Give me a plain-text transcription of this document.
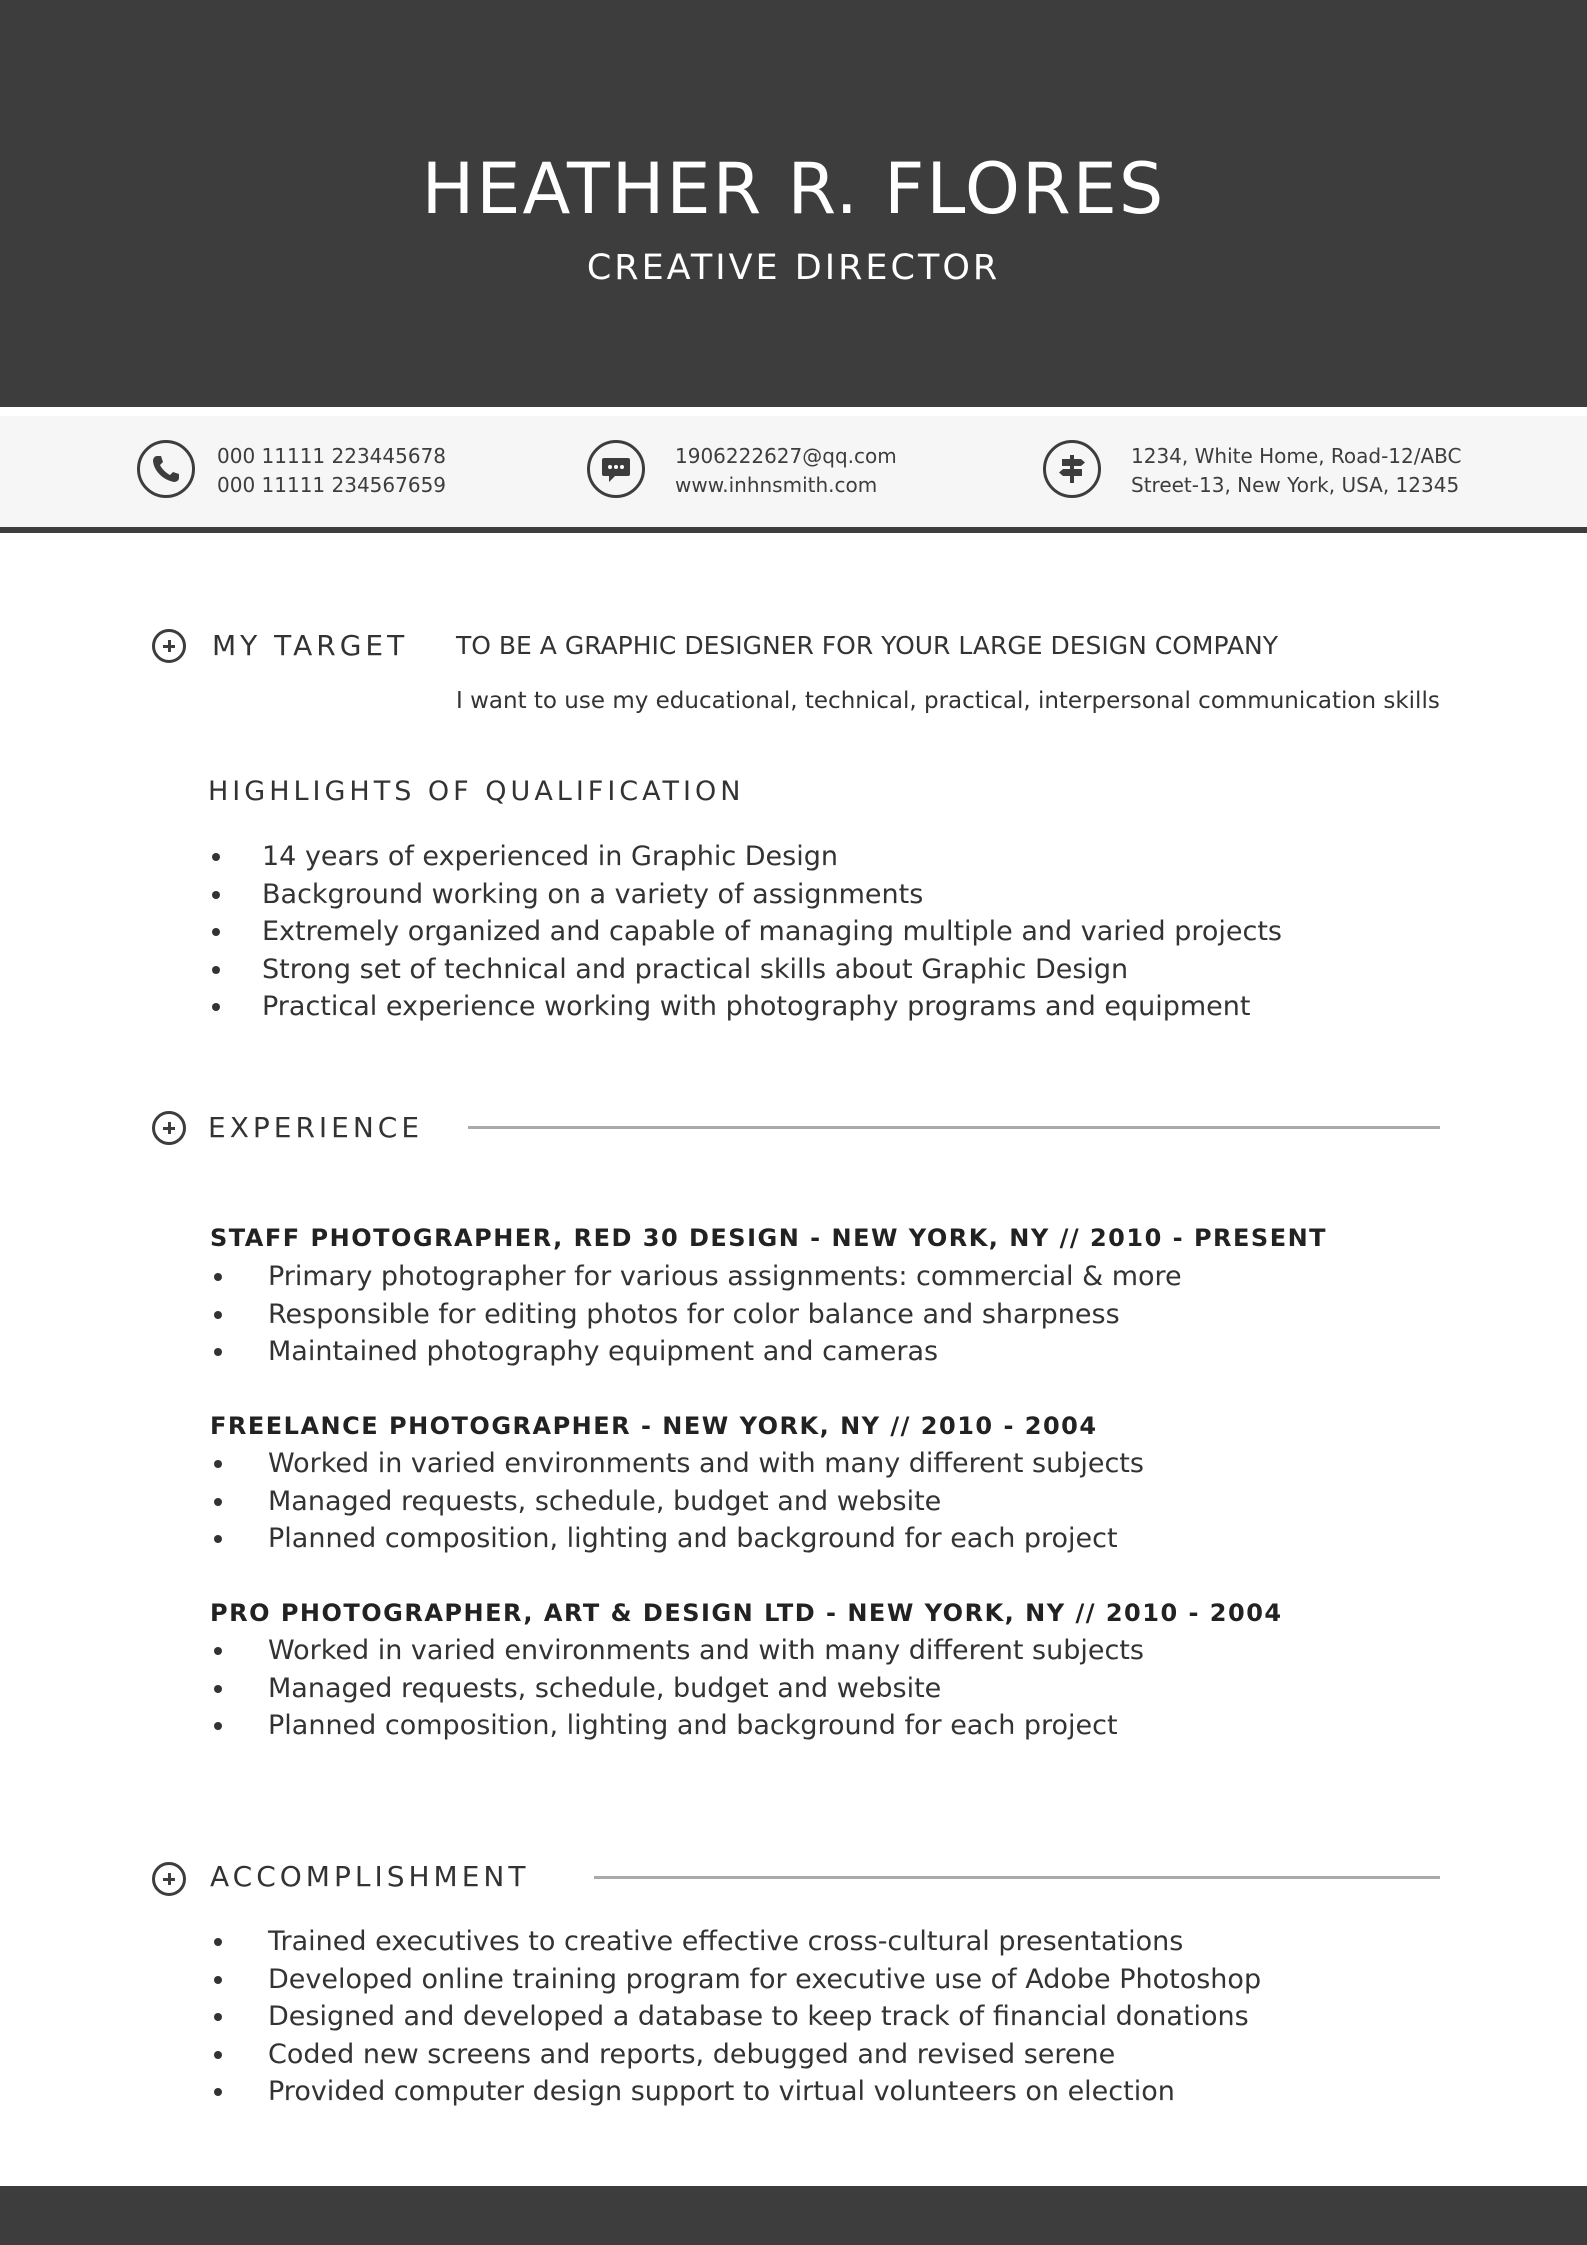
HEATHER R. FLORES
CREATIVE DIRECTOR
000 11111 223445678
000 11111 234567659
1906222627@qq.com
www.inhnsmith.com
1234, White Home, Road-12/ABC
Street-13, New York, USA, 12345
MY TARGET TO BE A GRAPHIC DESIGNER FOR YOUR LARGE DESIGN COMPANY
I want to use my educational, technical, practical, interpersonal communication skills
HIGHLIGHTS OF QUALIFICATION
14 years of experienced in Graphic Design
Background working on a variety of assignments
Extremely organized and capable of managing multiple and varied projects
Strong set of technical and practical skills about Graphic Design
Practical experience working with photography programs and equipment
EXPERIENCE
STAFF PHOTOGRAPHER, RED 30 DESIGN - NEW YORK, NY // 2010 - PRESENT
Primary photographer for various assignments: commercial & more
Responsible for editing photos for color balance and sharpness
Maintained photography equipment and cameras
FREELANCE PHOTOGRAPHER - NEW YORK, NY // 2010 - 2004
Worked in varied environments and with many different subjects
Managed requests, schedule, budget and website
Planned composition, lighting and background for each project
PRO PHOTOGRAPHER, ART & DESIGN LTD - NEW YORK, NY // 2010 - 2004
Worked in varied environments and with many different subjects
Managed requests, schedule, budget and website
Planned composition, lighting and background for each project
ACCOMPLISHMENT
Trained executives to creative effective cross-cultural presentations
Developed online training program for executive use of Adobe Photoshop
Designed and developed a database to keep track of financial donations
Coded new screens and reports, debugged and revised serene
Provided computer design support to virtual volunteers on election
